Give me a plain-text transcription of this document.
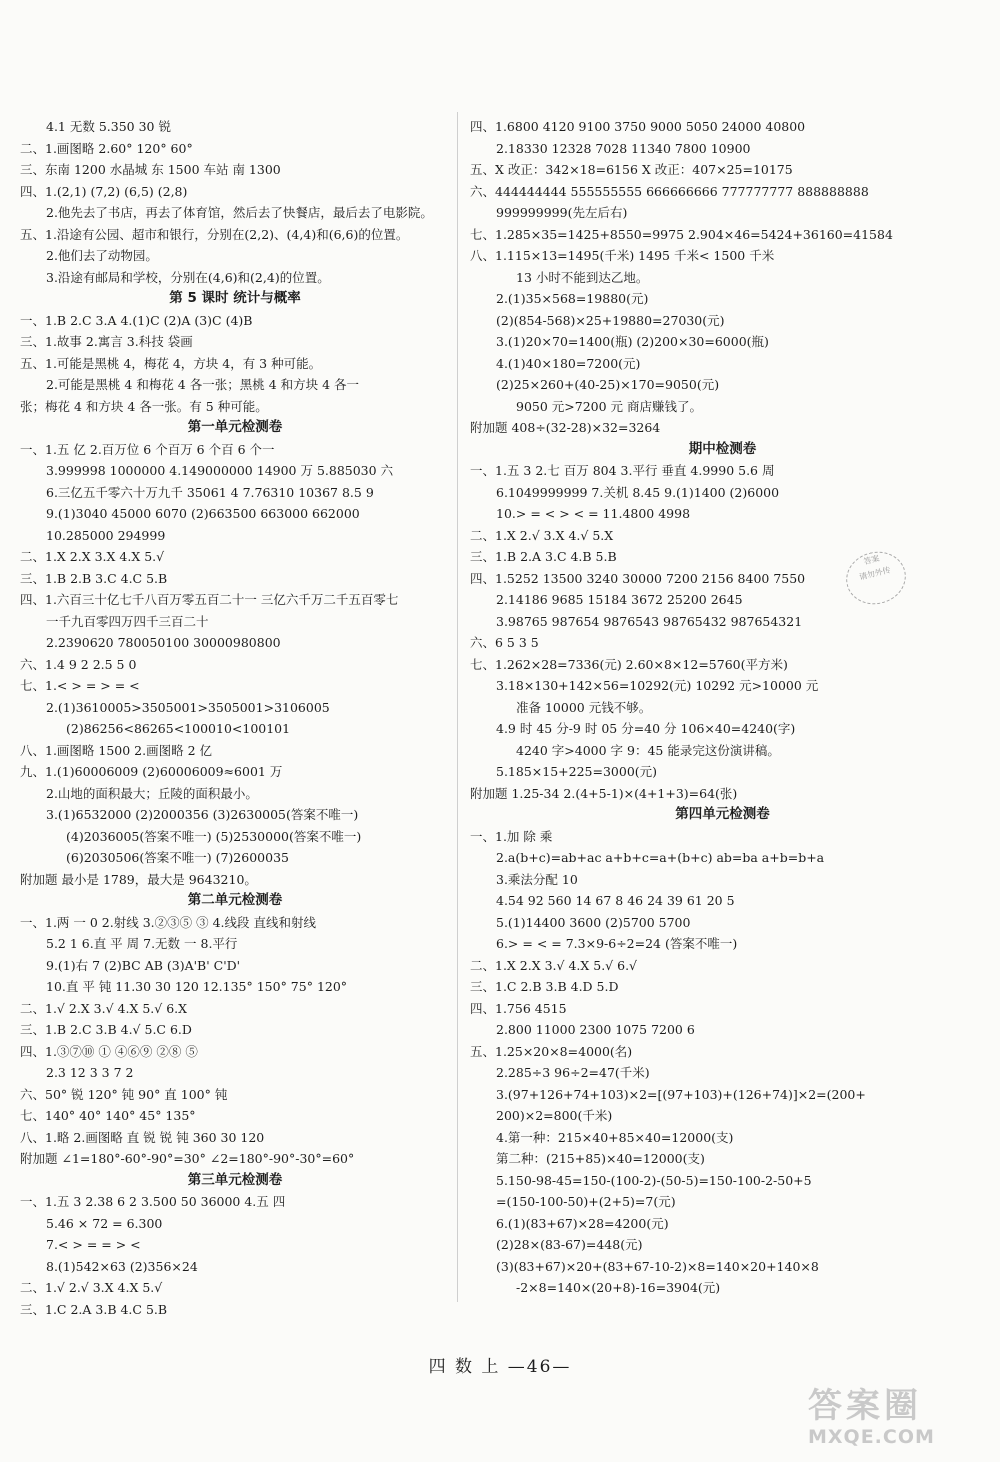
4.1 无数 5.350 30 锐
二、1.画图略 2.60° 120° 60°
三、东南 1200 水晶城 东 1500 车站 南 1300
四、1.(2,1) (7,2) (6,5) (2,8)
2.他先去了书店，再去了体育馆，然后去了快餐店，最后去了电影院。
五、1.沿途有公园、超市和银行，分别在(2,2)、(4,4)和(6,6)的位置。
2.他们去了动物园。
3.沿途有邮局和学校，分别在(4,6)和(2,4)的位置。
第 5 课时 统计与概率
一、1.B 2.C 3.A 4.(1)C (2)A (3)C (4)B
三、1.故事 2.寓言 3.科技 袋画
五、1.可能是黑桃 4，梅花 4，方块 4，有 3 种可能。
2.可能是黑桃 4 和梅花 4 各一张；黑桃 4 和方块 4 各一
张；梅花 4 和方块 4 各一张。有 5 种可能。
第一单元检测卷
一、1.五 亿 2.百万位 6 个百万 6 个百 6 个一
3.999998 1000000 4.149000000 14900 万 5.885030 六
6.三亿五千零六十万九千 35061 4 7.76310 10367 8.5 9
9.(1)3040 45000 6070 (2)663500 663000 662000
10.285000 294999
二、1.X 2.X 3.X 4.X 5.√
三、1.B 2.B 3.C 4.C 5.B
四、1.六百三十亿七千八百万零五百二十一 三亿六千万二千五百零七
一千九百零四万四千三百二十
2.2390620 780050100 30000980800
六、1.4 9 2 2.5 5 0
七、1.< > = > = <
2.(1)3610005>3505001>3505001>3106005
(2)86256<86265<100010<100101
八、1.画图略 1500 2.画图略 2 亿
九、1.(1)60006009 (2)60006009≈6001 万
2.山地的面积最大；丘陵的面积最小。
3.(1)6532000 (2)2000356 (3)2630005(答案不唯一)
(4)2036005(答案不唯一) (5)2530000(答案不唯一)
(6)2030506(答案不唯一) (7)2600035
附加题 最小是 1789，最大是 9643210。
第二单元检测卷
一、1.两 一 0 2.射线 3.②③⑤ ③ 4.线段 直线和射线
5.2 1 6.直 平 周 7.无数 一 8.平行
9.(1)右 7 (2)BC AB (3)A'B' C'D'
10.直 平 钝 11.30 30 120 12.135° 150° 75° 120°
二、1.√ 2.X 3.√ 4.X 5.√ 6.X
三、1.B 2.C 3.B 4.√ 5.C 6.D
四、1.③⑦⑩ ① ④⑥⑨ ②⑧ ⑤
2.3 12 3 3 7 2
六、50° 锐 120° 钝 90° 直 100° 钝
七、140° 40° 140° 45° 135°
八、1.略 2.画图略 直 锐 锐 钝 360 30 120
附加题 ∠1=180°-60°-90°=30° ∠2=180°-90°-30°=60°
第三单元检测卷
一、1.五 3 2.38 6 2 3.500 50 36000 4.五 四
5.46 × 72 = 6.300
7.< > = = > <
8.(1)542×63 (2)356×24
二、1.√ 2.√ 3.X 4.X 5.√
三、1.C 2.A 3.B 4.C 5.B
四、1.6800 4120 9100 3750 9000 5050 24000 40800
2.18330 12328 7028 11340 7800 10900
五、X 改正：342×18=6156 X 改正：407×25=10175
六、444444444 555555555 666666666 777777777 888888888
999999999(先左后右)
七、1.285×35=1425+8550=9975 2.904×46=5424+36160=41584
八、1.115×13=1495(千米) 1495 千米< 1500 千米
13 小时不能到达乙地。
2.(1)35×568=19880(元)
(2)(854-568)×25+19880=27030(元)
3.(1)20×70=1400(瓶) (2)200×30=6000(瓶)
4.(1)40×180=7200(元)
(2)25×260+(40-25)×170=9050(元)
9050 元>7200 元 商店赚钱了。
附加题 408÷(32-28)×32=3264
期中检测卷
一、1.五 3 2.七 百万 804 3.平行 垂直 4.9990 5.6 周
6.1049999999 7.关机 8.45 9.(1)1400 (2)6000
10.> = < > < = 11.4800 4998
二、1.X 2.√ 3.X 4.√ 5.X
三、1.B 2.A 3.C 4.B 5.B
四、1.5252 13500 3240 30000 7200 2156 8400 7550
2.14186 9685 15184 3672 25200 2645
3.98765 987654 9876543 98765432 987654321
六、6 5 3 5
七、1.262×28=7336(元) 2.60×8×12=5760(平方米)
3.18×130+142×56=10292(元) 10292 元>10000 元
准备 10000 元钱不够。
4.9 时 45 分-9 时 05 分=40 分 106×40=4240(字)
4240 字>4000 字 9：45 能录完这份演讲稿。
5.185×15+225=3000(元)
附加题 1.25-34 2.(4+5-1)×(4+1+3)=64(张)
第四单元检测卷
一、1.加 除 乘
2.a(b+c)=ab+ac a+b+c=a+(b+c) ab=ba a+b=b+a
3.乘法分配 10
4.54 92 560 14 67 8 46 24 39 61 20 5
5.(1)14400 3600 (2)5700 5700
6.> = < = 7.3×9-6÷2=24 (答案不唯一)
二、1.X 2.X 3.√ 4.X 5.√ 6.√
三、1.C 2.B 3.B 4.D 5.D
四、1.756 4515
2.800 11000 2300 1075 7200 6
五、1.25×20×8=4000(名)
2.285÷3 96÷2=47(千米)
3.(97+126+74+103)×2=[(97+103)+(126+74)]×2=(200+
200)×2=800(千米)
4.第一种：215×40+85×40=12000(支)
第二种：(215+85)×40=12000(支)
5.150-98-45=150-(100-2)-(50-5)=150-100-2-50+5
=(150-100-50)+(2+5)=7(元)
6.(1)(83+67)×28=4200(元)
(2)28×(83-67)=448(元)
(3)(83+67)×20+(83+67-10-2)×8=140×20+140×8
-2×8=140×(20+8)-16=3904(元)
答案
请勿外传
四 数 上 —46—
答案圈
MXQE.COM
